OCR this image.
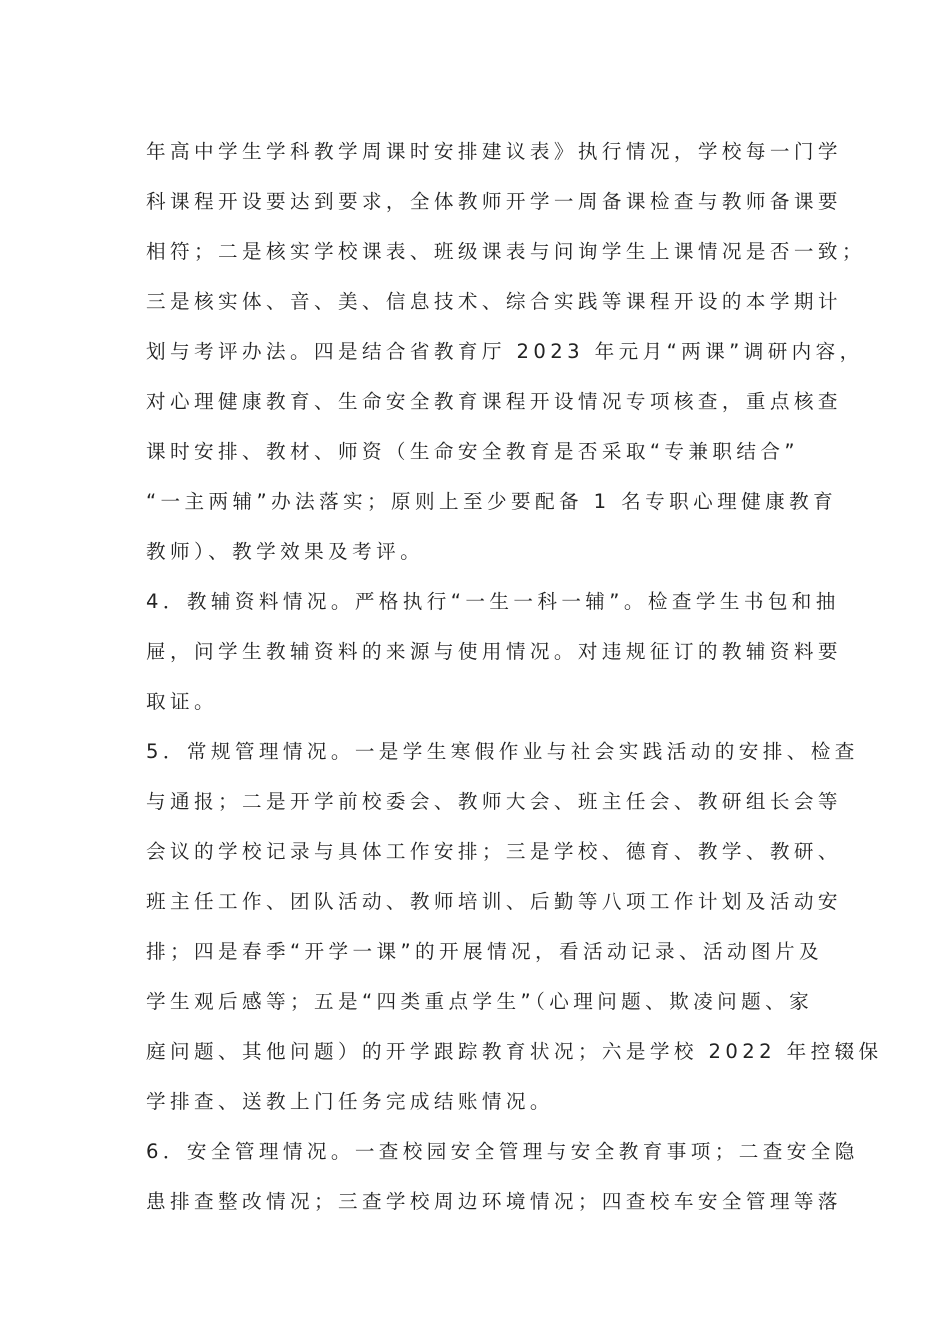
年高中学生学科教学周课时安排建议表》执行情况，学校每一门学
科课程开设要达到要求，全体教师开学一周备课检查与教师备课要
相符；二是核实学校课表、班级课表与问询学生上课情况是否一致；
三是核实体、音、美、信息技术、综合实践等课程开设的本学期计
划与考评办法。四是结合省教育厅 2023 年元月“两课”调研内容，
对心理健康教育、生命安全教育课程开设情况专项核查，重点核查
课时安排、教材、师资（生命安全教育是否采取“专兼职结合”
“一主两辅”办法落实；原则上至少要配备 1 名专职心理健康教育
教师）、教学效果及考评。
4．教辅资料情况。严格执行“一生一科一辅”。检查学生书包和抽
屉，问学生教辅资料的来源与使用情况。对违规征订的教辅资料要
取证。
5．常规管理情况。一是学生寒假作业与社会实践活动的安排、检查
与通报；二是开学前校委会、教师大会、班主任会、教研组长会等
会议的学校记录与具体工作安排；三是学校、德育、教学、教研、
班主任工作、团队活动、教师培训、后勤等八项工作计划及活动安
排；四是春季“开学一课”的开展情况，看活动记录、活动图片及
学生观后感等；五是“四类重点学生”（心理问题、欺凌问题、家
庭问题、其他问题）的开学跟踪教育状况；六是学校 2022 年控辍保
学排查、送教上门任务完成结账情况。
6．安全管理情况。一查校园安全管理与安全教育事项；二查安全隐
患排查整改情况；三查学校周边环境情况；四查校车安全管理等落
